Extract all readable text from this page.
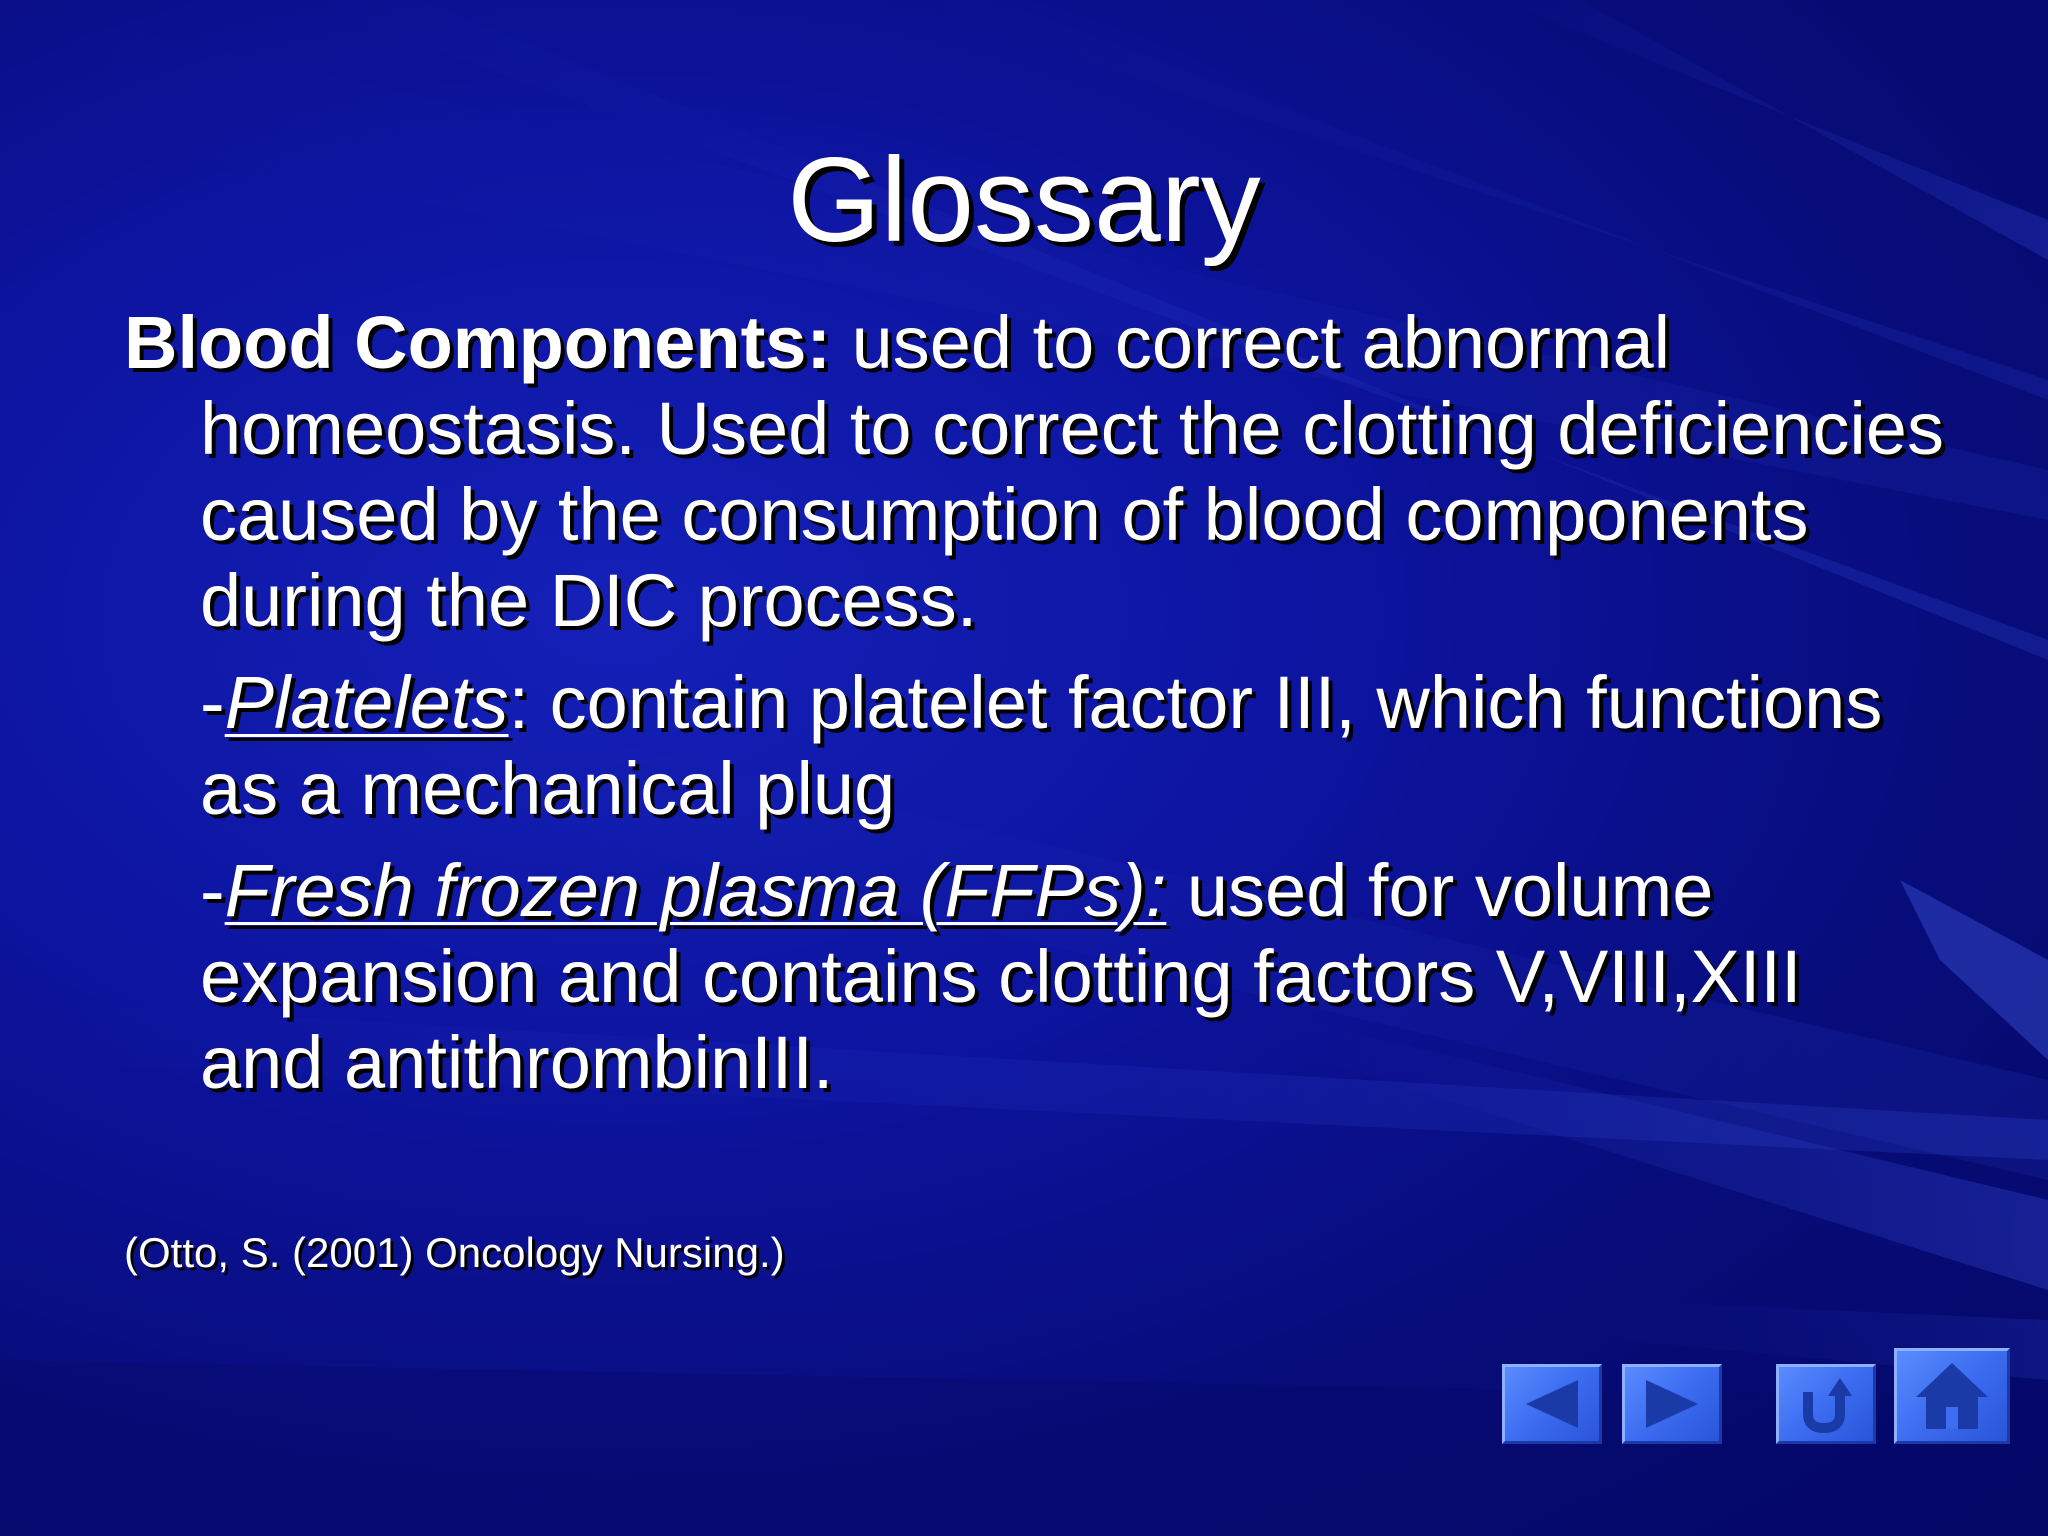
Glossary

Blood Components: used to correct abnormal homeostasis. Used to correct the clotting deficiencies caused by the consumption of blood components during the DIC process.

-Platelets: contain platelet factor III, which functions as a mechanical plug

-Fresh frozen plasma (FFPs): used for volume expansion and contains clotting factors V,VIII,XIII and antithrombinIII.

(Otto, S. (2001) Oncology Nursing.)
